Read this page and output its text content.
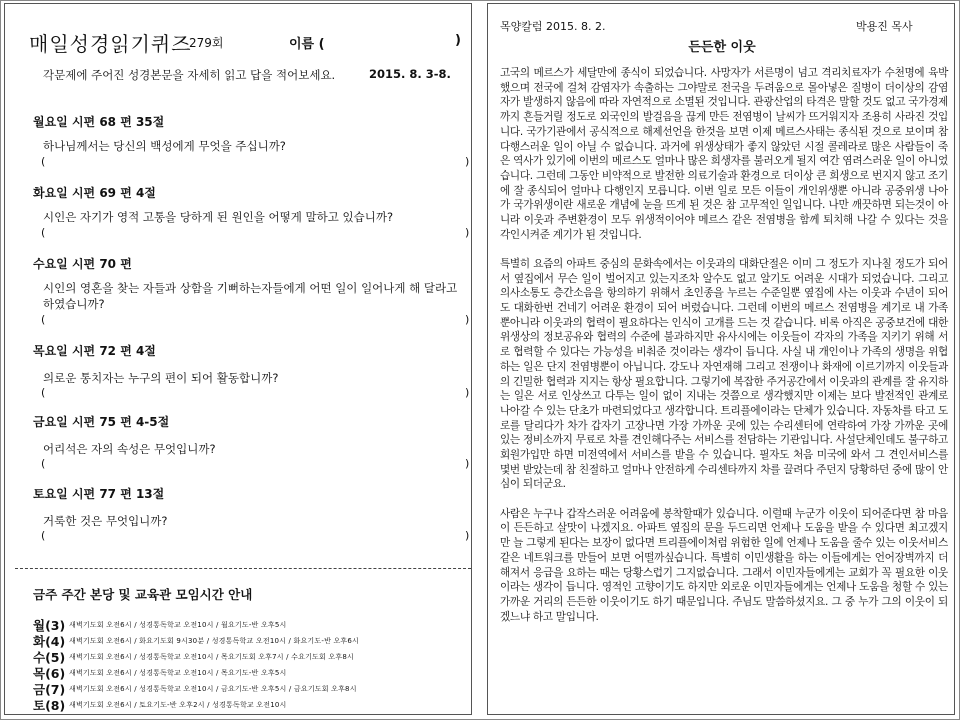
매일성경읽기퀴즈
279회	이름 (	)
각문제에 주어진 성경본문을 자세히 읽고 답을 적어보세요.	2015. 8. 3-8.
월요일 시편 68 편 35절
하나님께서는 당신의 백성에게 무엇을 주십니까?
(	)
화요일 시편 69 편 4절
시인은 자기가 영적 고통을 당하게 된 원인을 어떻게 말하고 있습니까?
(	)
수요일 시편 70 편
시인의 영혼을 찾는 자들과 상함을 기뻐하는자들에게 어떤 일이 일어나게 해 달라고 하였습니까?
(	)
목요일 시편 72 편 4절
의로운 통치자는 누구의 편이 되어 활동합니까?
(	)
금요일 시편 75 편 4-5절
어리석은 자의 속성은 무엇입니까?
(	)
토요일 시편 77 편 13절
거룩한 것은 무엇입니까?
(	)
금주 주간 본당 및 교육관 모임시간 안내
월(3) 새벽기도회 오전6시 / 성경통독학교 오전10시 / 월요기도-반 오후5시
화(4) 새벽기도회 오전6시 / 화요기도회 9시30분 / 성경통독학교 오전10시 / 화요기도-반 오후6시
수(5) 새벽기도회 오전6시 / 성경통독학교 오전10시 / 목요기도회 오후7시 / 수요기도회 오후8시
목(6) 새벽기도회 오전6시 / 성경통독학교 오전10시 / 목요기도-반 오후5시
금(7) 새벽기도회 오전6시 / 성경통독학교 오전10시 / 금요기도-반 오후5시 / 금요기도회 오후8시
토(8) 새벽기도회 오전6시 / 토요기도-반 오후2시 / 성경통독학교 오전10시
목양칼럼 2015. 8. 2.	박용진 목사
든든한 이웃

고국의 메르스가 세달만에 종식이 되었습니다. 사망자가 서른명이 넘고 격리치료자가 수천명에 육박했으며 전국에 걸쳐 감염자가 속출하는 그야말로 전국을 두려움으로 몰아넣은 질병이 더이상의 감염자가 발생하지 않음에 따라 자연적으로 소멸된 것입니다. 관광산업의 타격은 말할 것도 없고 국가경제까지 흔들거릴 정도로 외국인의 발걸음을 끊게 만든 전염병이 날씨가 뜨거워지자 조용히 사라진 것입니다. 국가기관에서 공식적으로 해제선언을 한것을 보면 이제 메르스사태는 종식된 것으로 보이며 참 다행스러운 일이 아닐 수 없습니다. 과거에 위생상태가 좋지 않았던 시절 콜레라로 많은 사람들이 죽은 역사가 있기에 이번의 메르스도 얼마나 많은 희생자를 불러오게 될지 여간 염려스러운 일이 아니었습니다. 그런데 그동안 비약적으로 발전한 의료기술과 환경으로 더이상 큰 희생으로 번지지 않고 조기에 잘 종식되어 얼마나 다행인지 모릅니다. 이번 일로 모든 이들이 개인위생뿐 아니라 공중위생 나아가 국가위생이란 새로운 개념에 눈을 뜨게 된 것은 참 고무적인 일입니다. 나만 깨끗하면 되는것이 아니라 이웃과 주변환경이 모두 위생적이어야 메르스 같은 전염병을 함께 퇴치해 나갈 수 있다는 것을 각인시켜준 계기가 된 것입니다.

특별히 요즘의 아파트 중심의 문화속에서는 이웃과의 대화단절은 이미 그 정도가 지나칠 정도가 되어서 옆집에서 무슨 일이 벌어지고 있는지조차 알수도 없고 알기도 어려운 시대가 되었습니다. 그리고 의사소통도 층간소음을 항의하기 위해서 초인종을 누르는 수준일뿐 옆집에 사는 이웃과 수년이 되어도 대화한번 건네기 어려운 환경이 되어 버렸습니다. 그런데 이번의 메르스 전염병을 계기로 내 가족뿐아니라 이웃과의 협력이 필요하다는 인식이 고개를 드는 것 같습니다. 비록 아직은 공중보건에 대한 위생상의 정보공유와 협력의 수준에 불과하지만 유사시에는 이웃들이 각자의 가족을 지키기 위해 서로 협력할 수 있다는 가능성을 비춰준 것이라는 생각이 듭니다. 사실 내 개인이나 가족의 생명을 위협하는 일은 단지 전염병뿐이 아닙니다. 강도나 자연재해 그리고 전쟁이나 화재에 이르기까지 이웃들과의 긴밀한 협력과 지지는 항상 필요합니다. 그렇기에 복잡한 주거공간에서 이웃과의 관계를 잘 유지하는 일은 서로 인상쓰고 다투는 일이 없이 지내는 것쯤으로 생각했지만 이제는 보다 발전적인 관계로 나아갈 수 있는 단초가 마련되었다고 생각합니다. 트리플에이라는 단체가 있습니다. 자동차를 타고 도로를 달리다가 차가 갑자기 고장나면 가장 가까운 곳에 있는 수리센터에 연락하여 가장 가까운 곳에 있는 정비소까지 무료로 차를 견인해다주는 서비스를 전담하는 기관입니다. 사설단체인데도 불구하고 회원가입만 하면 미전역에서 서비스를 받을 수 있습니다. 필자도 처음 미국에 와서 그 견인서비스를 몇번 받았는데 참 친절하고 얼마나 안전하게 수리센타까지 차를 끌려다 주던지 당황하던 중에 많이 안심이 되더군요.

사람은 누구나 갑작스러운 어려움에 봉착할때가 있습니다. 이럴때 누군가 이웃이 되어준다면 참 마음이 든든하고 살맛이 나겠지요. 아파트 옆집의 문을 두드리면 언제나 도움을 받을 수 있다면 최고겠지만 늘 그렇게 된다는 보장이 없다면 트리플에이처럼 위험한 일에 언제나 도움을 줄수 있는 이웃서비스같은 네트워크를 만들어 보면 어떨까싶습니다. 특별히 이민생활을 하는 이들에게는 언어장벽까지 더해져서 응급을 요하는 때는 당황스럽기 그지없습니다. 그래서 이민자들에게는 교회가 꼭 필요한 이웃이라는 생각이 듭니다. 영적인 고향이기도 하지만 외로운 이민자들에게는 언제나 도움을 청할 수 있는 가까운 거리의 든든한 이웃이기도 하기 때문입니다. 주님도 말씀하셨지요. 그 중 누가 그의 이웃이 되겠느냐 하고 말입니다.
